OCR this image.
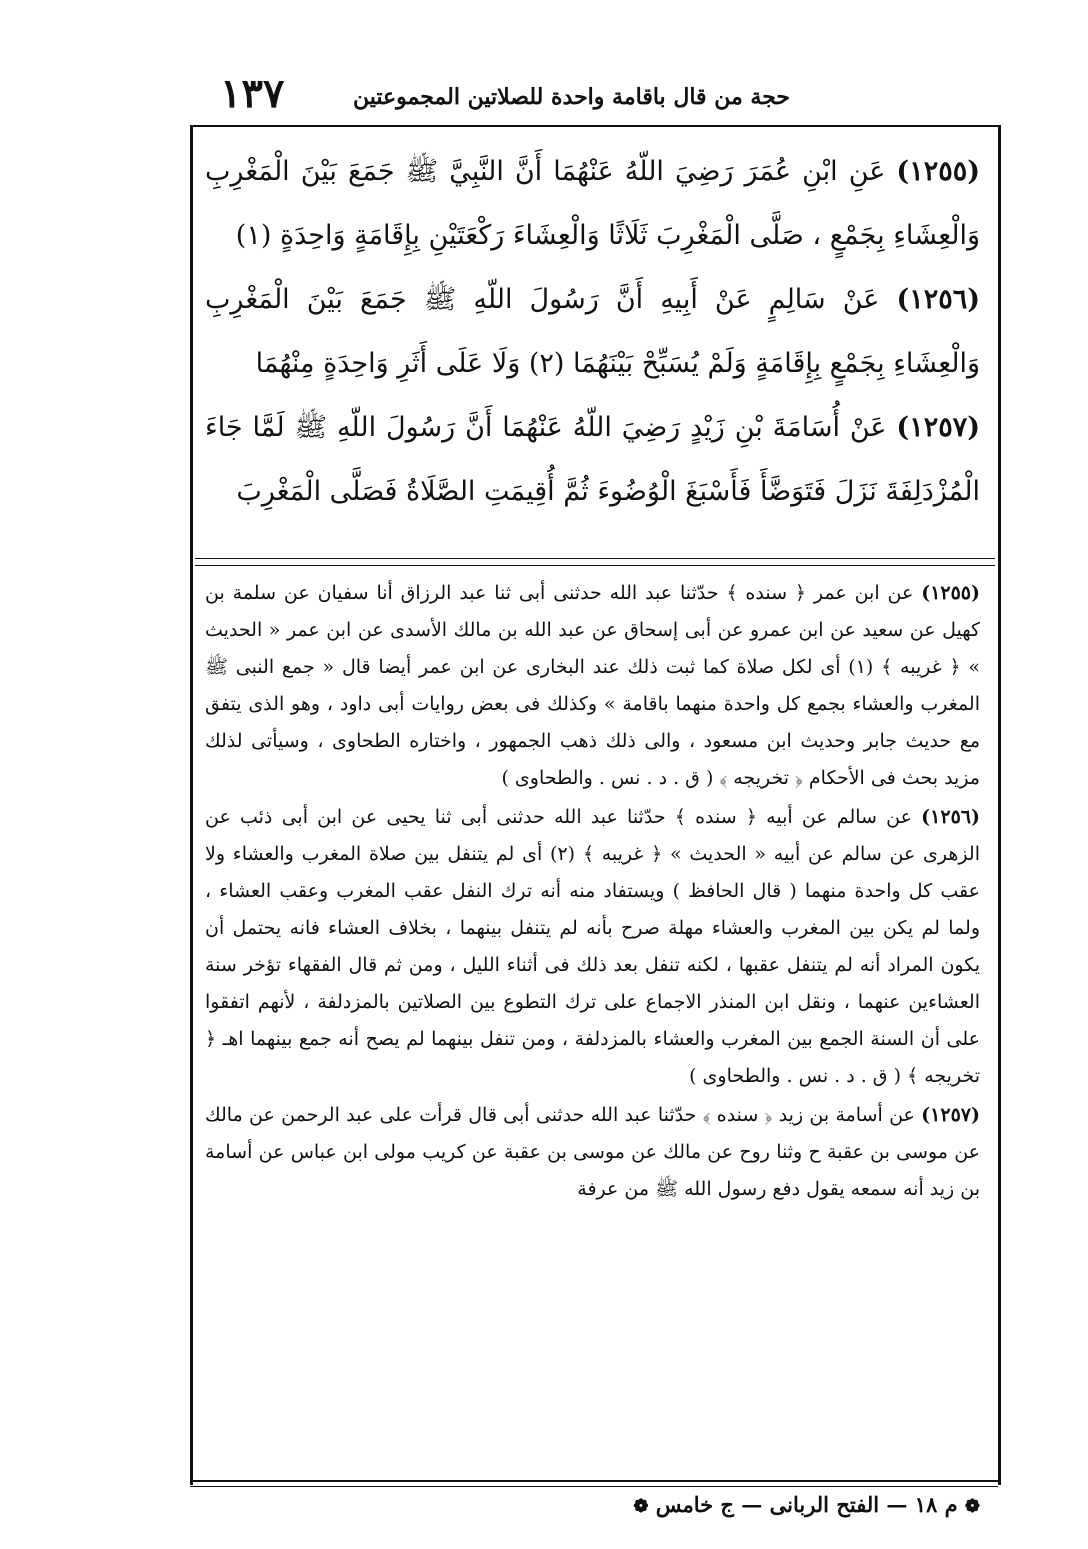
١٣٧	حجة من قال باقامة واحدة للصلاتين المجموعتين

(١٢٥٥) عَنِ ابْنِ عُمَرَ رَضِيَ اللّهُ عَنْهُمَا أَنَّ النَّبِيَّ ﷺ جَمَعَ بَيْنَ الْمَغْرِبِ وَالْعِشَاءِ بِجَمْعٍ ، صَلَّى الْمَغْرِبَ ثَلَاثًا وَالْعِشَاءَ رَكْعَتَيْنِ بِإِقَامَةٍ وَاحِدَةٍ (١)

(١٢٥٦) عَنْ سَالِمٍ عَنْ أَبِيهِ أَنَّ رَسُولَ اللّهِ ﷺ جَمَعَ بَيْنَ الْمَغْرِبِ وَالْعِشَاءِ بِجَمْعٍ بِإِقَامَةٍ وَلَمْ يُسَبِّحْ بَيْنَهُمَا (٢) وَلَا عَلَى أَثَرِ وَاحِدَةٍ مِنْهُمَا

(١٢٥٧) عَنْ أُسَامَةَ بْنِ زَيْدٍ رَضِيَ اللّهُ عَنْهُمَا أَنَّ رَسُولَ اللّهِ ﷺ لَمَّا جَاءَ الْمُزْدَلِفَةَ نَزَلَ فَتَوَضَّأَ فَأَسْبَغَ الْوُضُوءَ ثُمَّ أُقِيمَتِ الصَّلَاةُ فَصَلَّى الْمَغْرِبَ

(١٢٥٥) عن ابن عمر ﴿ سنده ﴾ حدّثنا عبد الله حدثنى أبى ثنا عبد الرزاق أنا سفيان عن سلمة بن كهيل عن سعيد عن ابن عمرو عن أبى إسحاق عن عبد الله بن مالك الأسدى عن ابن عمر « الحديث » ﴿ غريبه ﴾ (١) أى لكل صلاة كما ثبت ذلك عند البخارى عن ابن عمر أيضا قال « جمع النبى ﷺ المغرب والعشاء بجمع كل واحدة منهما باقامة » وكذلك فى بعض روايات أبى داود ، وهو الذى يتفق مع حديث جابر وحديث ابن مسعود ، والى ذلك ذهب الجمهور ، واختاره الطحاوى ، وسيأتى لذلك مزيد بحث فى الأحكام ﴿ تخريجه ﴾ ( ق . د . نس . والطحاوى )

(١٢٥٦) عن سالم عن أبيه ﴿ سنده ﴾ حدّثنا عبد الله حدثنى أبى ثنا يحيى عن ابن أبى ذئب عن الزهرى عن سالم عن أبيه « الحديث » ﴿ غريبه ﴾ (٢) أى لم يتنفل بين صلاة المغرب والعشاء ولا عقب كل واحدة منهما ( قال الحافظ ) ويستفاد منه أنه ترك النفل عقب المغرب وعقب العشاء ، ولما لم يكن بين المغرب والعشاء مهلة صرح بأنه لم يتنفل بينهما ، بخلاف العشاء فانه يحتمل أن يكون المراد أنه لم يتنفل عقبها ، لكنه تنفل بعد ذلك فى أثناء الليل ، ومن ثم قال الفقهاء تؤخر سنة العشاءين عنهما ، ونقل ابن المنذر الاجماع على ترك التطوع بين الصلاتين بالمزدلفة ، لأنهم اتفقوا على أن السنة الجمع بين المغرب والعشاء بالمزدلفة ، ومن تنفل بينهما لم يصح أنه جمع بينهما اهـ ﴿ تخريجه ﴾ ( ق . د . نس . والطحاوى )

(١٢٥٧) عن أسامة بن زيد ﴿ سنده ﴾ حدّثنا عبد الله حدثنى أبى قال قرأت على عبد الرحمن عن مالك عن موسى بن عقبة ح وثنا روح عن مالك عن موسى بن عقبة عن كريب مولى ابن عباس عن أسامة بن زيد أنه سمعه يقول دفع رسول الله ﷺ من عرفة

❁ م ١٨ — الفتح الربانى — ج خامس ❁
